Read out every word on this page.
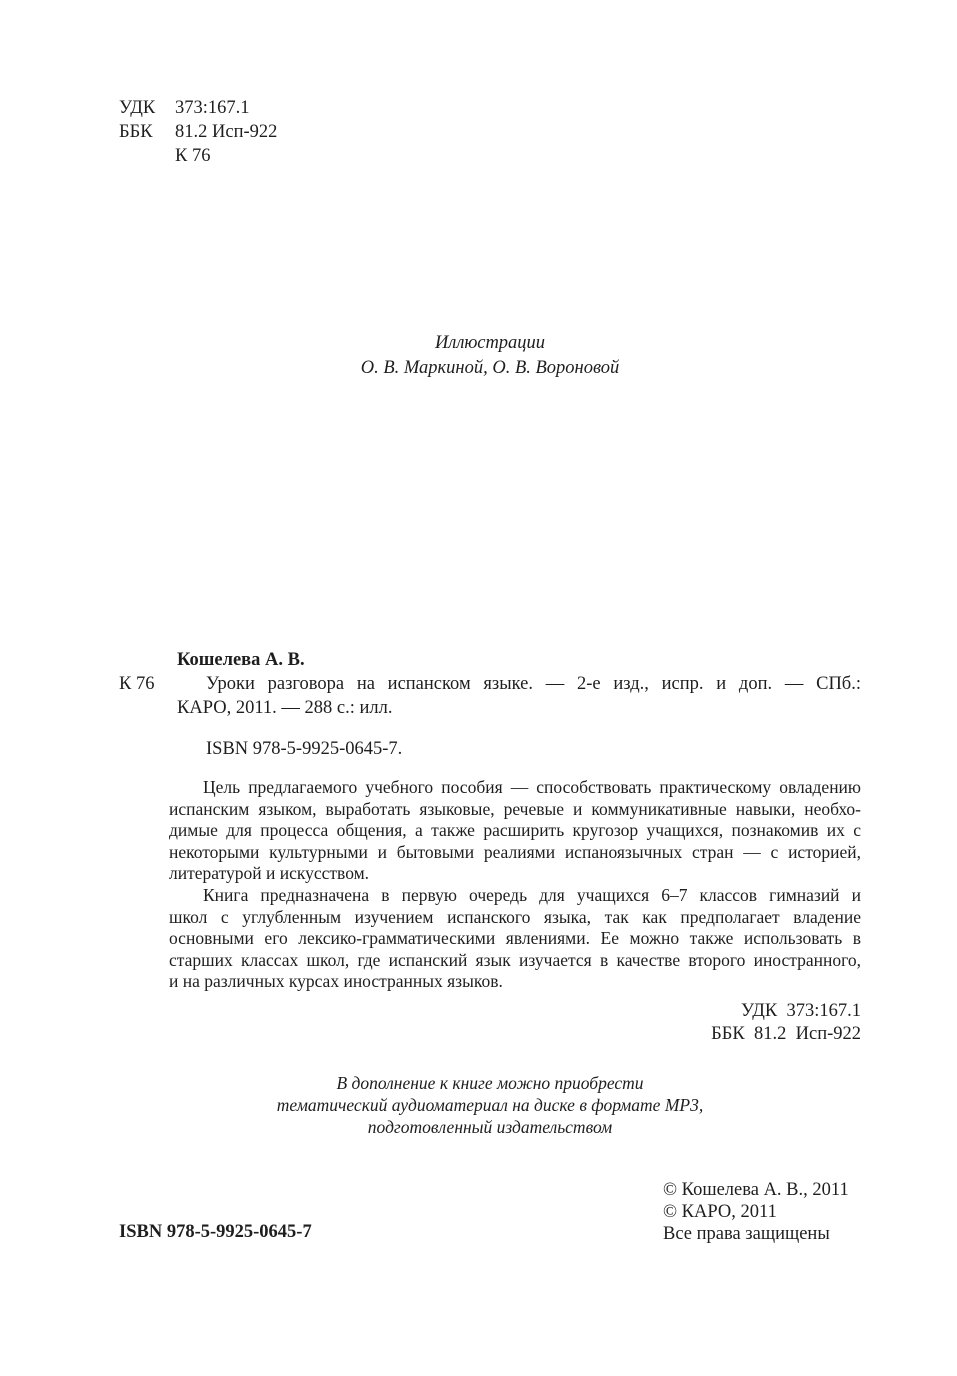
УДК 373:167.1
ББК 81.2 Исп-922
К 76
Иллюстрации
О. В. Маркиной, О. В. Вороновой
Кошелева А. В.
К 76	Уроки разговора на испанском языке. — 2-е изд., испр. и доп. — СПб.:
КАРО, 2011. — 288 с.: илл.
ISBN 978-5-9925-0645-7.
Цель предлагаемого учебного пособия — способствовать практическому овладению
испанским языком, выработать языковые, речевые и коммуникативные навыки, необхо-
димые для процесса общения, а также расширить кругозор учащихся, познакомив их с
некоторыми культурными и бытовыми реалиями испаноязычных стран — с историей,
литературой и искусством.
Книга предназначена в первую очередь для учащихся 6–7 классов гимназий и
школ с углубленным изучением испанского языка, так как предполагает владение
основными его лексико-грамматическими явлениями. Ее можно также использовать в
старших классах школ, где испанский язык изучается в качестве второго иностранного,
и на различных курсах иностранных языков.
УДК  373:167.1
ББК  81.2  Исп-922
В дополнение к книге можно приобрести
тематический аудиоматериал на диске в формате MP3,
подготовленный издательством
© Кошелева А. В., 2011
© КАРО, 2011
Все права защищены
ISBN 978-5-9925-0645-7
